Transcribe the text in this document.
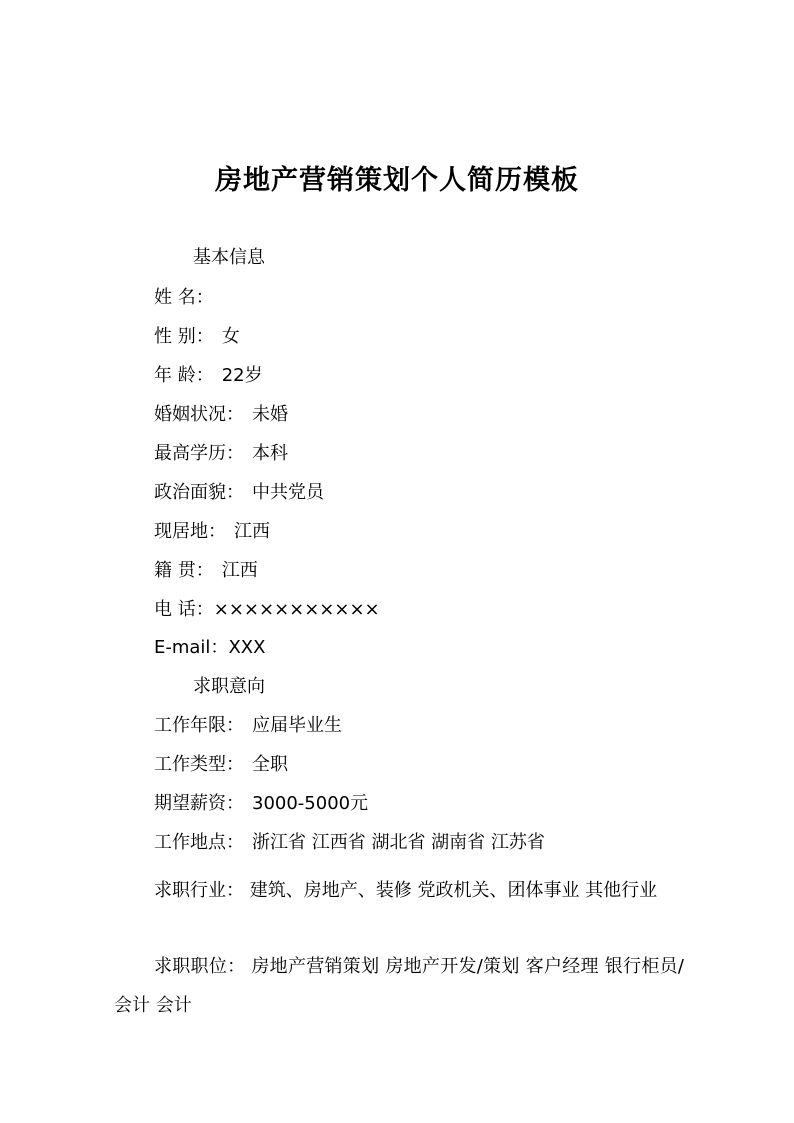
房地产营销策划个人简历模板
基本信息
姓 名：
性 别： 女
年 龄： 22岁
婚姻状况： 未婚
最高学历： 本科
政治面貌： 中共党员
现居地： 江西
籍 贯： 江西
电 话：×××××××××××
E-mail：XXX
求职意向
工作年限： 应届毕业生
工作类型： 全职
期望薪资： 3000-5000元
工作地点： 浙江省 江西省 湖北省 湖南省 江苏省
求职行业： 建筑、房地产、装修 党政机关、团体事业 其他行业
求职职位： 房地产营销策划 房地产开发/策划 客户经理 银行柜员/会计 会计
